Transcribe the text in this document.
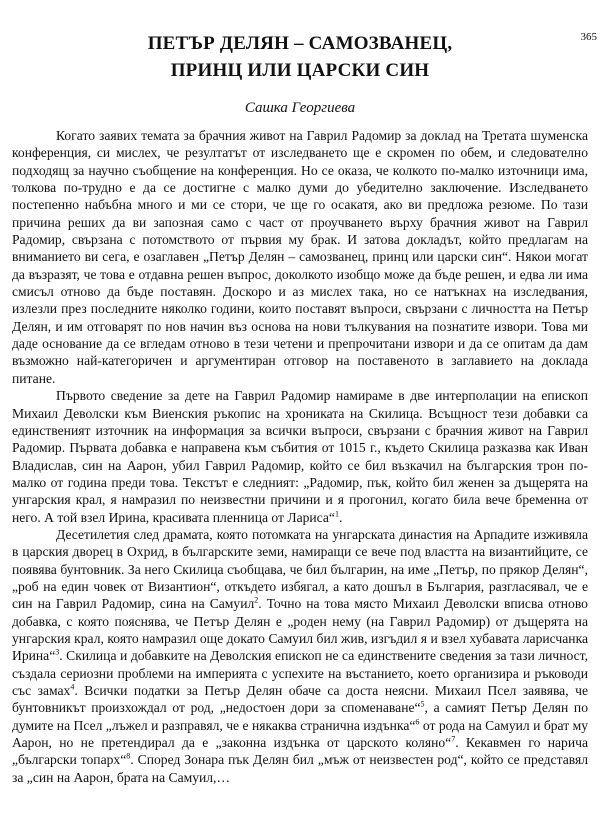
365
ПЕТЪР ДЕЛЯН – САМОЗВАНЕЦ,
ПРИНЦ ИЛИ ЦАРСКИ СИН
Сашка Георгиева

Когато заявих темата за брачния живот на Гаврил Радомир за доклад на Третата шуменска конференция, си мислех, че резултатът от изследването ще е скромен по обем, и следователно подходящ за научно съобщение на конференция. Но се оказа, че колкото по-малко източници има, толкова по-трудно е да се достигне с малко думи до убедително заключение. Изследването постепенно набъбна много и ми се стори, че ще го осакатя, ако ви предложа резюме. По тази причина реших да ви запозная само с част от проучването върху брачния живот на Гаврил Радомир, свързана с потомството от първия му брак. И затова докладът, който предлагам на вниманието ви сега, е озаглавен „Петър Делян – самозванец, принц или царски син“. Някои могат да възразят, че това е отдавна решен въпрос, доколкото изобщо може да бъде решен, и едва ли има смисъл отново да бъде поставян. Доскоро и аз мислех така, но се натъкнах на изследвания, излезли през последните няколко години, които поставят въпроси, свързани с личността на Петър Делян, и им отговарят по нов начин въз основа на нови тълкувания на познатите извори. Това ми даде основание да се вгледам отново в тези четени и препрочитани извори и да се опитам да дам възможно най-категоричен и аргументиран отговор на поставеното в заглавието на доклада питане.

Първото сведение за дете на Гаврил Радомир намираме в две интерполации на епископ Михаил Деволски към Виенския ръкопис на хрониката на Скилица. Всъщност тези добавки са единственият източник на информация за всички въпроси, свързани с брачния живот на Гаврил Радомир. Първата добавка е направена към събития от 1015 г., където Скилица разказва как Иван Владислав, син на Аарон, убил Гаврил Радомир, който се бил възкачил на българския трон по-малко от година преди това. Текстът е следният: „Радомир, пък, който бил женен за дъщерята на унгарския крал, я намразил по неизвестни причини и я прогонил, когато била вече бременна от него. А той взел Ирина, красивата пленница от Лариса“$^1$.

Десетилетия след драмата, която потомката на унгарската династия на Арпадите изживяла в царския дворец в Охрид, в българските земи, намиращи се вече под властта на византийците, се появява бунтовник. За него Скилица съобщава, че бил българин, на име „Петър, по прякор Делян“, „роб на един човек от Византион“, откъдето избягал, а като дошъл в България, разгласявал, че е син на Гаврил Радомир, сина на Самуил$^2$. Точно на това място Михаил Деволски вписва отново добавка, с която пояснява, че Петър Делян е „роден нему (на Гаврил Радомир) от дъщерята на унгарския крал, която намразил още докато Самуил бил жив, изгъдил я и взел хубавата ларисчанка Ирина“$^3$. Скилица и добавките на Деволския епископ не са единствените сведения за тази личност, създала сериозни проблеми на империята с успехите на въстанието, което организира и ръководи със замах$^4$. Всички податки за Петър Делян обаче са доста неясни. Михаил Псел заявява, че бунтовникът произхождал от род, „недостоен дори за споменаване“$^5$, а самият Петър Делян по думите на Псел „лъжел и разправял, че е някаква странична издънка“$^6$ от рода на Самуил и брат му Аарон, но не претендирал да е „законна издънка от царското коляно“$^7$. Кекавмен го нарича „български топарх“$^8$. Според Зонара пък Делян бил „мъж от неизвестен род“, който се представял за „син на Аарон, брата на Самуил,…
